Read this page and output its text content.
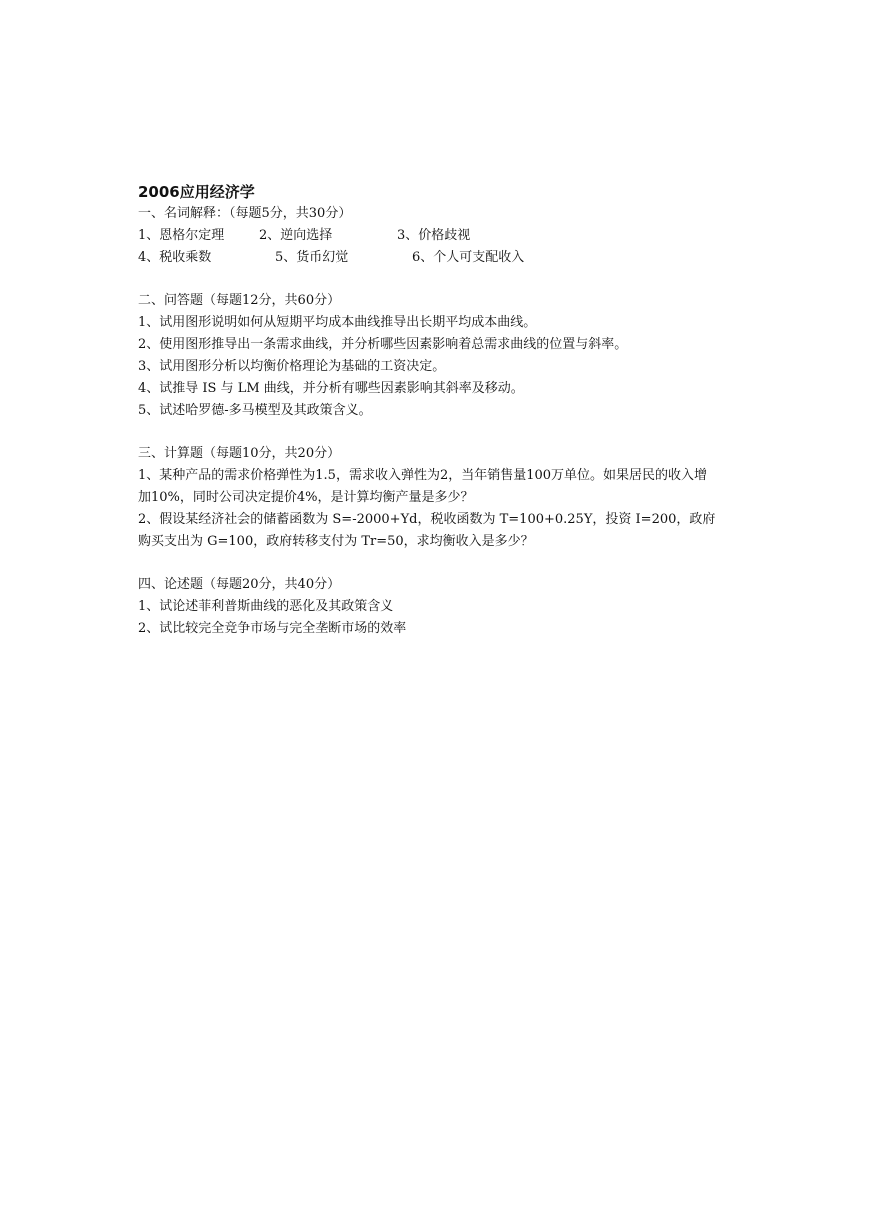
2006应用经济学
一、名词解释：（每题5分，共30分）
1、恩格尔定理	2、逆向选择	3、价格歧视
4、税收乘数	5、货币幻觉	6、个人可支配收入
二、问答题（每题12分，共60分）
1、试用图形说明如何从短期平均成本曲线推导出长期平均成本曲线。
2、使用图形推导出一条需求曲线，并分析哪些因素影响着总需求曲线的位置与斜率。
3、试用图形分析以均衡价格理论为基础的工资决定。
4、试推导 IS 与 LM 曲线，并分析有哪些因素影响其斜率及移动。
5、试述哈罗德-多马模型及其政策含义。
三、计算题（每题10分，共20分）
1、某种产品的需求价格弹性为1.5，需求收入弹性为2，当年销售量100万单位。如果居民的收入增加10%，同时公司决定提价4%，是计算均衡产量是多少？
2、假设某经济社会的储蓄函数为 S=-2000+Yd，税收函数为 T=100+0.25Y，投资 I=200，政府购买支出为 G=100，政府转移支付为 Tr=50，求均衡收入是多少？
四、论述题（每题20分，共40分）
1、试论述菲利普斯曲线的恶化及其政策含义
2、试比较完全竞争市场与完全垄断市场的效率
